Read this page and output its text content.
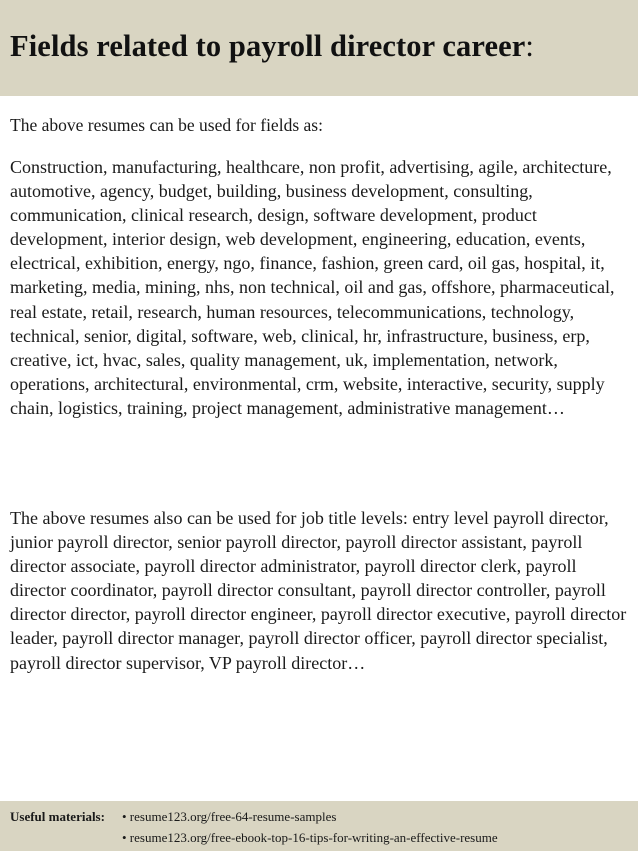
Fields related to payroll director career:

The above resumes can be used for fields as:

Construction, manufacturing, healthcare, non profit, advertising, agile, architecture, automotive, agency, budget, building, business development, consulting, communication, clinical research, design, software development, product development, interior design, web development, engineering, education, events, electrical, exhibition, energy, ngo, finance, fashion, green card, oil gas, hospital, it, marketing, media, mining, nhs, non technical, oil and gas, offshore, pharmaceutical, real estate, retail, research, human resources, telecommunications, technology, technical, senior, digital, software, web, clinical, hr, infrastructure, business, erp, creative, ict, hvac, sales, quality management, uk, implementation, network, operations, architectural, environmental, crm, website, interactive, security, supply chain, logistics, training, project management, administrative management…

The above resumes also can be used for job title levels: entry level payroll director, junior payroll director, senior payroll director, payroll director assistant, payroll director associate, payroll director administrator, payroll director clerk, payroll director coordinator, payroll director consultant, payroll director controller, payroll director director, payroll director engineer, payroll director executive, payroll director leader, payroll director manager, payroll director officer, payroll director specialist, payroll director supervisor, VP payroll director…

Useful materials: • resume123.org/free-64-resume-samples
• resume123.org/free-ebook-top-16-tips-for-writing-an-effective-resume
